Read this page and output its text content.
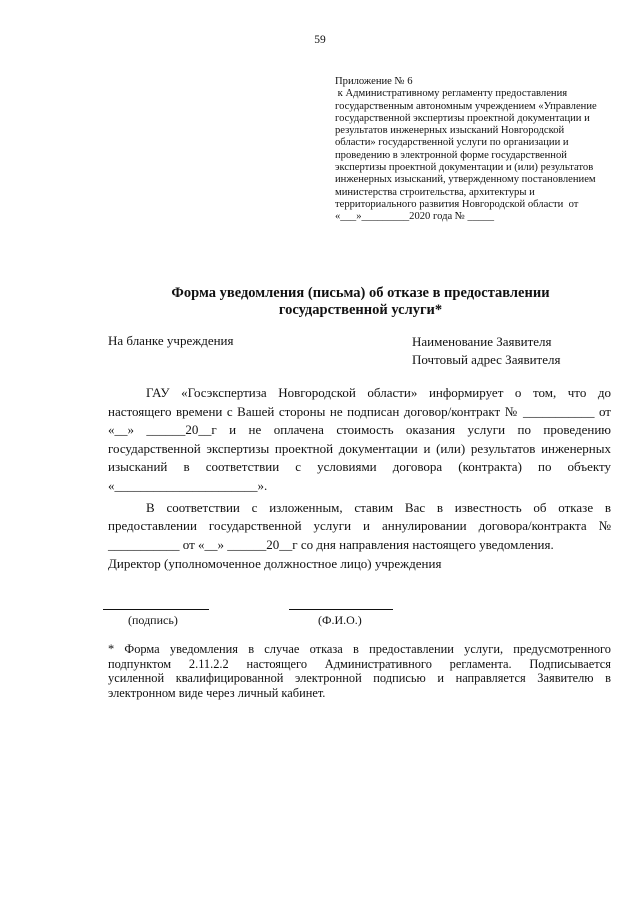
59
Приложение № 6
к Административному регламенту предоставления
государственным автономным учреждением «Управление
государственной экспертизы проектной документации и
результатов инженерных изысканий Новгородской
области» государственной услуги по организации и
проведению в электронной форме государственной
экспертизы проектной документации и (или) результатов
инженерных изысканий, утвержденному постановлением
министерства строительства, архитектуры и
территориального развития Новгородской области  от
«___»_________2020 года № _____
Форма уведомления (письма) об отказе в предоставлении
государственной услуги*
На бланке учреждения	Наименование Заявителя
Почтовый адрес Заявителя

ГАУ «Госэкспертиза Новгородской области» информирует о том, что до
настоящего времени с Вашей стороны не подписан договор/контракт № ___________ от
«__» ______20__г и не оплачена стоимость оказания услуги по проведению
государственной экспертизы проектной документации и (или) результатов инженерных
изысканий в соответствии с условиями договора (контракта) по объекту
«______________________».

В соответствии с изложенным, ставим Вас в известность об отказе в
предоставлении государственной услуги и аннулировании договора/контракта №
___________ от «__» ______20__г со дня направления настоящего уведомления.

Директор (уполномоченное должностное лицо) учреждения
(подпись)	(Ф.И.О.)
* Форма уведомления в случае отказа в предоставлении услуги, предусмотренного
подпунктом 2.11.2.2 настоящего Административного регламента. Подписывается
усиленной квалифицированной электронной подписью и направляется Заявителю в
электронном виде через личный кабинет.
